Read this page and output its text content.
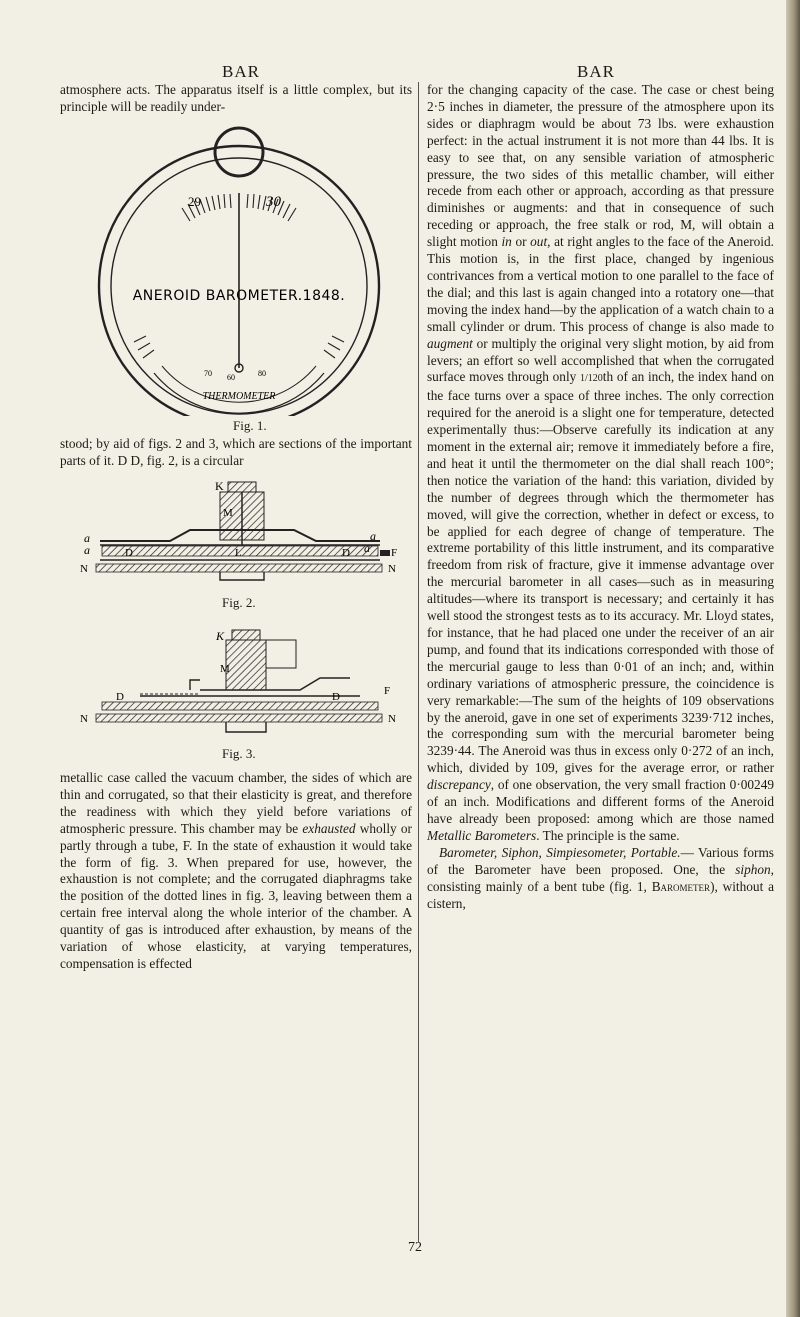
BAR	BAR

atmosphere acts. The apparatus itself is a little complex, but its principle will be readily under-

29	30
ANEROID BAROMETER.1848.
60
70	80
THERMOMETER
Fig. 1.

stood; by aid of figs. 2 and 3, which are sections of the important parts of it. D D, fig. 2, is a circular

K
M
D	L	D	F
a
a
a
a
N	N
Fig. 2.
K
M
D	D	F
N	N
Fig. 3.

metallic case called the vacuum chamber, the sides of which are thin and corrugated, so that their elasticity is great, and therefore the readiness with which they yield before variations of atmospheric pressure. This chamber may be exhausted wholly or partly through a tube, F. In the state of exhaustion it would take the form of fig. 3. When prepared for use, however, the exhaustion is not complete; and the corrugated diaphragms take the position of the dotted lines in fig. 3, leaving between them a certain free interval along the whole interior of the chamber. A quantity of gas is introduced after exhaustion, by means of the variation of whose elasticity, at varying temperatures, compensation is effected

for the changing capacity of the case. The case or chest being 2·5 inches in diameter, the pressure of the atmosphere upon its sides or diaphragm would be about 73 lbs. were exhaustion perfect: in the actual instrument it is not more than 44 lbs. It is easy to see that, on any sensible variation of atmospheric pressure, the two sides of this metallic chamber, will either recede from each other or approach, according as that pressure diminishes or augments: and that in consequence of such receding or approach, the free stalk or rod, M, will obtain a slight motion in or out, at right angles to the face of the Aneroid. This motion is, in the first place, changed by ingenious contrivances from a vertical motion to one parallel to the face of the dial; and this last is again changed into a rotatory one—that moving the index hand—by the application of a watch chain to a small cylinder or drum. This process of change is also made to augment or multiply the original very slight motion, by aid from levers; an effort so well accomplished that when the corrugated surface moves through only 1/120th of an inch, the index hand on the face turns over a space of three inches. The only correction required for the aneroid is a slight one for temperature, detected experimentally thus:—Observe carefully its indication at any moment in the external air; remove it immediately before a fire, and heat it until the thermometer on the dial shall reach 100°; then notice the variation of the hand: this variation, divided by the number of degrees through which the thermometer has moved, will give the correction, whether in defect or excess, to be applied for each degree of change of temperature. The extreme portability of this little instrument, and its comparative freedom from risk of fracture, give it immense advantage over the mercurial barometer in all cases—such as in measuring altitudes—where its transport is necessary; and certainly it has well stood the strongest tests as to its accuracy. Mr. Lloyd states, for instance, that he had placed one under the receiver of an air pump, and found that its indications corresponded with those of the mercurial gauge to less than 0·01 of an inch; and, within ordinary variations of atmospheric pressure, the coincidence is very remarkable:—The sum of the heights of 109 observations by the aneroid, gave in one set of experiments 3239·712 inches, the corresponding sum with the mercurial barometer being 3239·44. The Aneroid was thus in excess only 0·272 of an inch, which, divided by 109, gives for the average error, or rather discrepancy, of one observation, the very small fraction 0·00249 of an inch. Modifications and different forms of the Aneroid have already been proposed: among which are those named Metallic Barometers. The principle is the same.

Barometer, Siphon, Simpiesometer, Portable.— Various forms of the Barometer have been proposed. One, the siphon, consisting mainly of a bent tube (fig. 1, Barometer), without a cistern,

72
